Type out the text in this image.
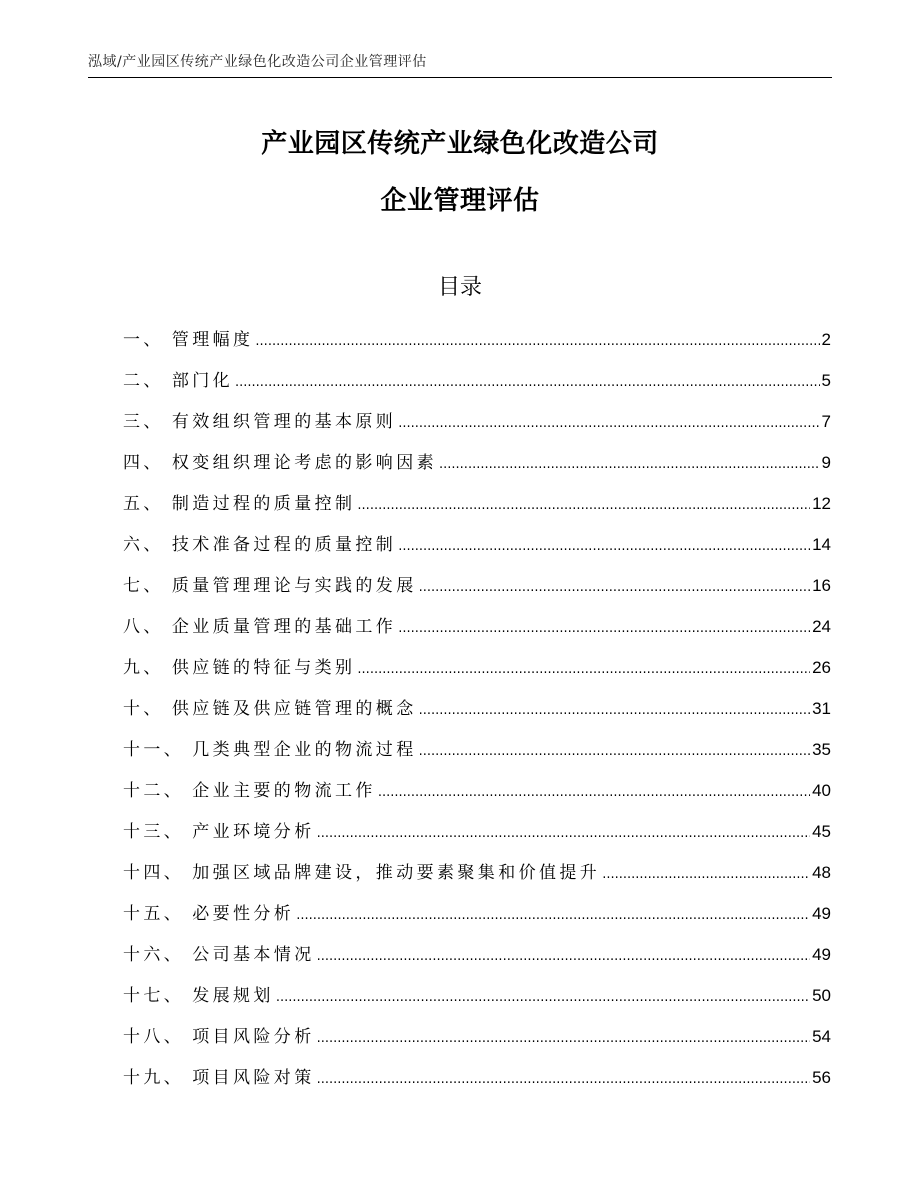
泓域/产业园区传统产业绿色化改造公司企业管理评估
产业园区传统产业绿色化改造公司
企业管理评估
目录
一、 管理幅度 .....	2
二、 部门化 .....	5
三、 有效组织管理的基本原则 .....	7
四、 权变组织理论考虑的影响因素 .....	9
五、 制造过程的质量控制 .....	12
六、 技术准备过程的质量控制 .....	14
七、 质量管理理论与实践的发展 .....	16
八、 企业质量管理的基础工作 .....	24
九、 供应链的特征与类别 .....	26
十、 供应链及供应链管理的概念 .....	31
十一、 几类典型企业的物流过程 .....	35
十二、 企业主要的物流工作 .....	40
十三、 产业环境分析 .....	45
十四、 加强区域品牌建设，推动要素聚集和价值提升 .....	48
十五、 必要性分析 .....	49
十六、 公司基本情况 .....	49
十七、 发展规划 .....	50
十八、 项目风险分析 .....	54
十九、 项目风险对策 .....	56
